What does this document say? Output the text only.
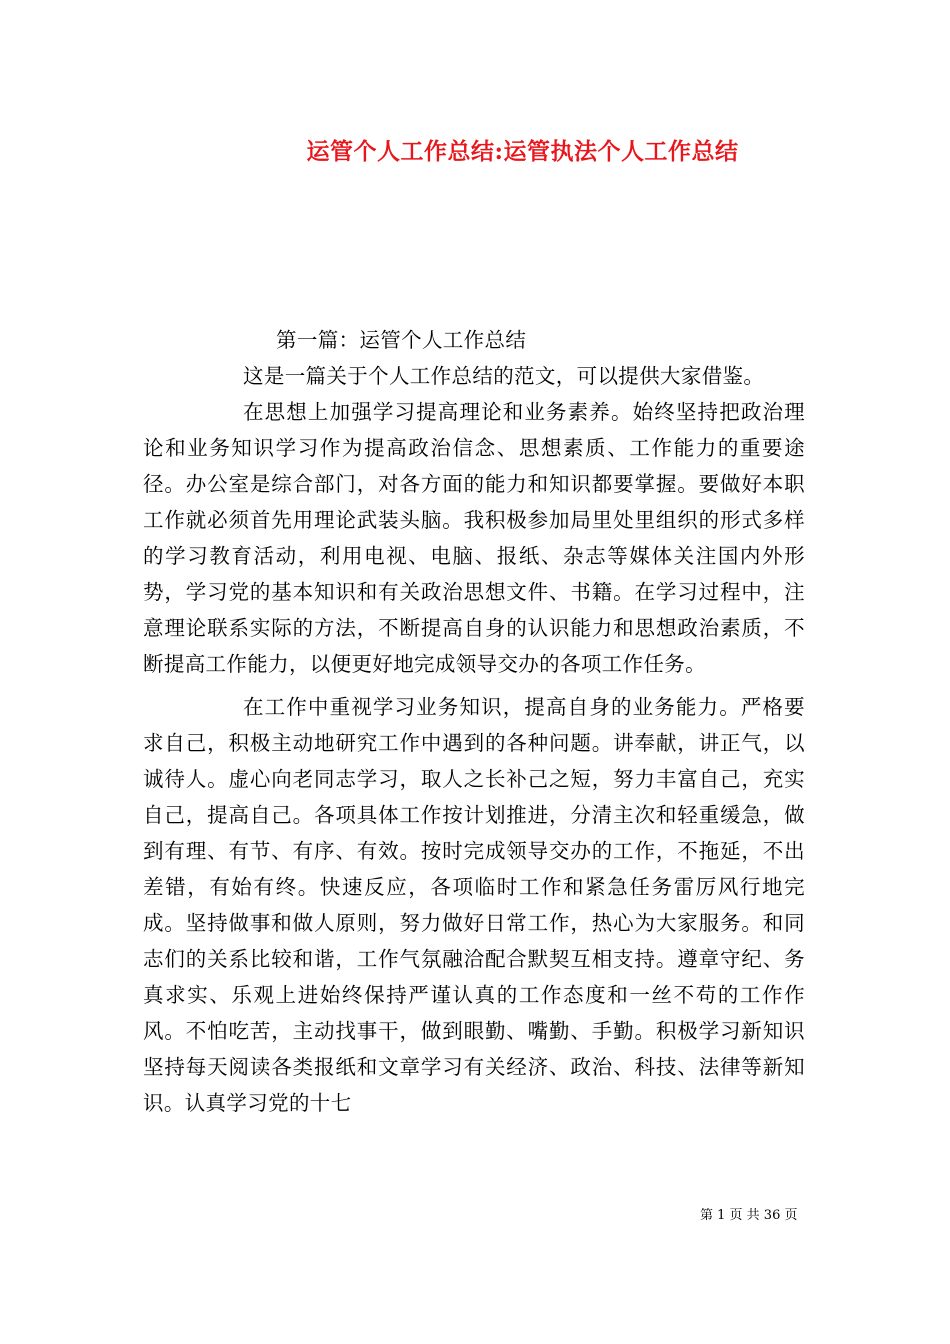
运管个人工作总结:运管执法个人工作总结

第一篇：运管个人工作总结

这是一篇关于个人工作总结的范文，可以提供大家借鉴。

在思想上加强学习提高理论和业务素养。始终坚持把政治理论和业务知识学习作为提高政治信念、思想素质、工作能力的重要途径。办公室是综合部门，对各方面的能力和知识都要掌握。要做好本职工作就必须首先用理论武装头脑。我积极参加局里处里组织的形式多样的学习教育活动，利用电视、电脑、报纸、杂志等媒体关注国内外形势，学习党的基本知识和有关政治思想文件、书籍。在学习过程中，注意理论联系实际的方法，不断提高自身的认识能力和思想政治素质，不断提高工作能力，以便更好地完成领导交办的各项工作任务。

在工作中重视学习业务知识，提高自身的业务能力。严格要求自己，积极主动地研究工作中遇到的各种问题。讲奉献，讲正气，以诚待人。虚心向老同志学习，取人之长补己之短，努力丰富自己，充实自己，提高自己。各项具体工作按计划推进，分清主次和轻重缓急，做到有理、有节、有序、有效。按时完成领导交办的工作，不拖延，不出差错，有始有终。快速反应，各项临时工作和紧急任务雷厉风行地完成。坚持做事和做人原则，努力做好日常工作，热心为大家服务。和同志们的关系比较和谐，工作气氛融洽配合默契互相支持。遵章守纪、务真求实、乐观上进始终保持严谨认真的工作态度和一丝不苟的工作作风。不怕吃苦，主动找事干，做到眼勤、嘴勤、手勤。积极学习新知识坚持每天阅读各类报纸和文章学习有关经济、政治、科技、法律等新知识。认真学习党的十七

第 1 页 共 36 页
